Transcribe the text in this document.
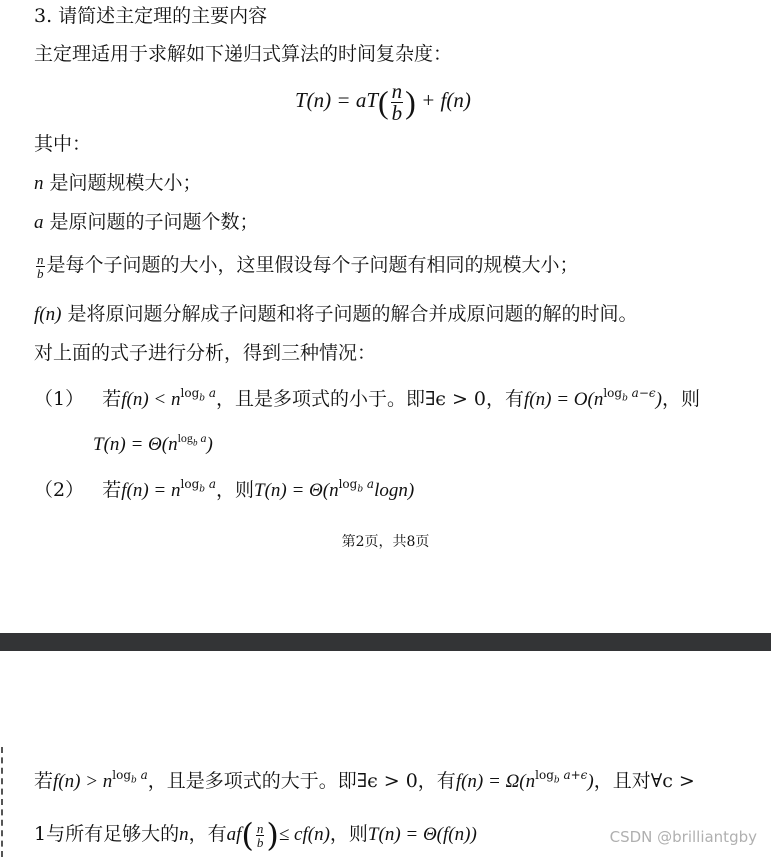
3. 请简述主定理的主要内容
主定理适用于求解如下递归式算法的时间复杂度：
$T(n) = aT( \frac{n}{b}$ ) + f(n)
其中：
n 是问题规模大小；
a 是原问题的子问题个数；
$\frac{n}{b}$ 是每个子问题的大小，这里假设每个子问题有相同的规模大小；
f(n) 是将原问题分解成子问题和将子问题的解合并成原问题的解的时间。
对上面的式子进行分析，得到三种情况：
（1） 若$f(n) < n^{log_b a}$，且是多项式的小于。即∃ϵ > 0，有$f(n) = O(n^{log_b a-\epsilon})$，则
$T(n) = \Theta(n^{log_b a})$
（2） 若$f(n) = n^{log_b a}$，则$T(n) = \Theta(n^{log_b a}\log n)$
第2页，共8页
若$f(n) > n^{log_b a}$，且是多项式的大于。即∃ϵ > 0，有$f(n) = \Omega(n^{log_b a+\epsilon})$，且对∀c >
1与所有足够大的n，有$af( \frac{n}{b}$ )≤ cf(n)，则T(n) = Θ(f(n))	CSDN @brilliantgby
